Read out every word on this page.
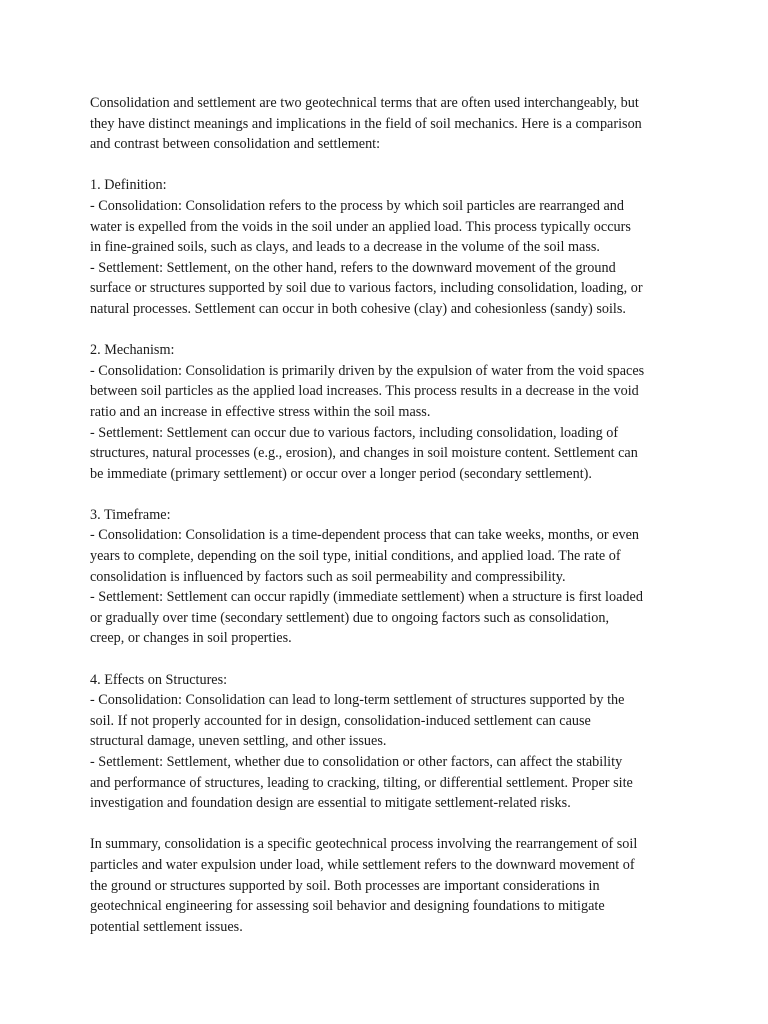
Consolidation and settlement are two geotechnical terms that are often used interchangeably, but
they have distinct meanings and implications in the field of soil mechanics. Here is a comparison
and contrast between consolidation and settlement:
1. Definition:
- Consolidation: Consolidation refers to the process by which soil particles are rearranged and
water is expelled from the voids in the soil under an applied load. This process typically occurs
in fine-grained soils, such as clays, and leads to a decrease in the volume of the soil mass.
- Settlement: Settlement, on the other hand, refers to the downward movement of the ground
surface or structures supported by soil due to various factors, including consolidation, loading, or
natural processes. Settlement can occur in both cohesive (clay) and cohesionless (sandy) soils.
2. Mechanism:
- Consolidation: Consolidation is primarily driven by the expulsion of water from the void spaces
between soil particles as the applied load increases. This process results in a decrease in the void
ratio and an increase in effective stress within the soil mass.
- Settlement: Settlement can occur due to various factors, including consolidation, loading of
structures, natural processes (e.g., erosion), and changes in soil moisture content. Settlement can
be immediate (primary settlement) or occur over a longer period (secondary settlement).
3. Timeframe:
- Consolidation: Consolidation is a time-dependent process that can take weeks, months, or even
years to complete, depending on the soil type, initial conditions, and applied load. The rate of
consolidation is influenced by factors such as soil permeability and compressibility.
- Settlement: Settlement can occur rapidly (immediate settlement) when a structure is first loaded
or gradually over time (secondary settlement) due to ongoing factors such as consolidation,
creep, or changes in soil properties.
4. Effects on Structures:
- Consolidation: Consolidation can lead to long-term settlement of structures supported by the
soil. If not properly accounted for in design, consolidation-induced settlement can cause
structural damage, uneven settling, and other issues.
- Settlement: Settlement, whether due to consolidation or other factors, can affect the stability
and performance of structures, leading to cracking, tilting, or differential settlement. Proper site
investigation and foundation design are essential to mitigate settlement-related risks.
In summary, consolidation is a specific geotechnical process involving the rearrangement of soil
particles and water expulsion under load, while settlement refers to the downward movement of
the ground or structures supported by soil. Both processes are important considerations in
geotechnical engineering for assessing soil behavior and designing foundations to mitigate
potential settlement issues.
